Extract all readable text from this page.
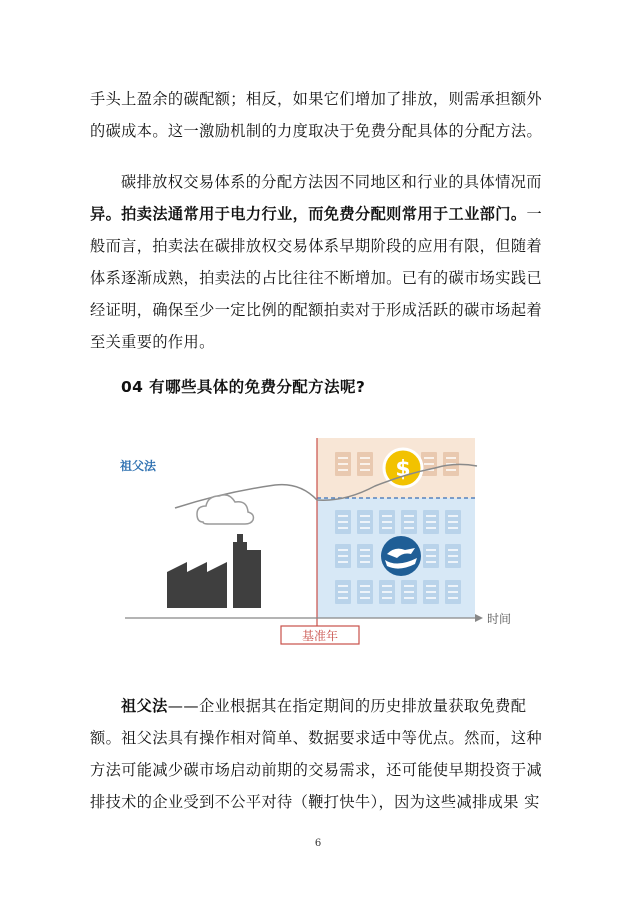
手头上盈余的碳配额；相反，如果它们增加了排放，则需承担额外
的碳成本。这一激励机制的力度取决于免费分配具体的分配方法。
碳排放权交易体系的分配方法因不同地区和行业的具体情况而
异。拍卖法通常用于电力行业，而免费分配则常用于工业部门。一
般而言，拍卖法在碳排放权交易体系早期阶段的应用有限，但随着
体系逐渐成熟，拍卖法的占比往往不断增加。已有的碳市场实践已
经证明，确保至少一定比例的配额拍卖对于形成活跃的碳市场起着
至关重要的作用。
04 有哪些具体的免费分配方法呢?
$
时间
祖父法
基准年
祖父法——企业根据其在指定期间的历史排放量获取免费配
额。祖父法具有操作相对简单、数据要求适中等优点。然而，这种
方法可能减少碳市场启动前期的交易需求，还可能使早期投资于减
排技术的企业受到不公平对待（鞭打快牛），因为这些减排成果 实
6
